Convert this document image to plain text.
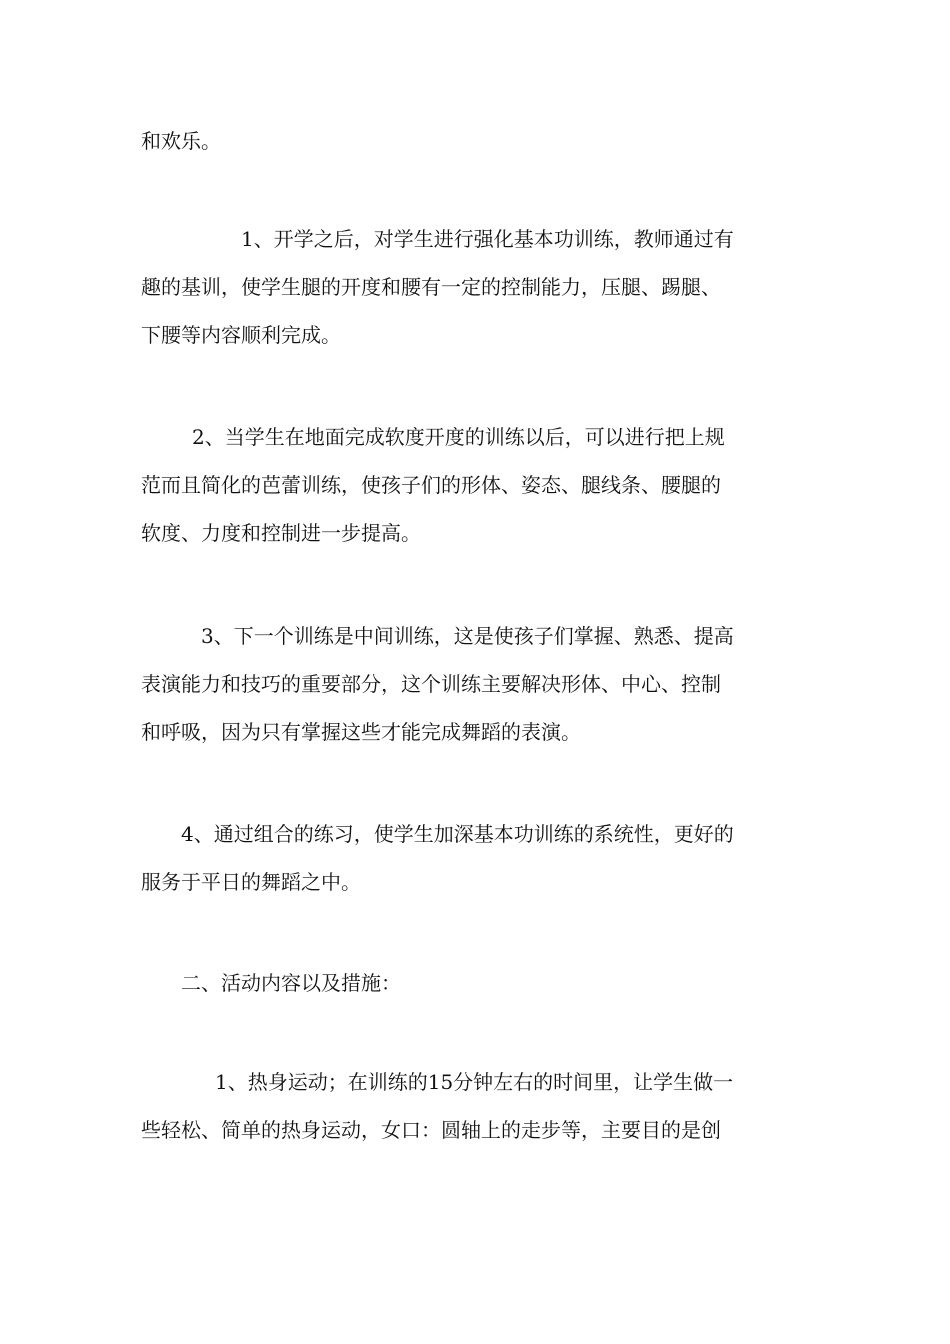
和欢乐。

1、开学之后，对学生进行强化基本功训练，教师通过有
趣的基训，使学生腿的开度和腰有一定的控制能力，压腿、踢腿、
下腰等内容顺利完成。

2、当学生在地面完成软度开度的训练以后，可以进行把上规
范而且简化的芭蕾训练，使孩子们的形体、姿态、腿线条、腰腿的
软度、力度和控制进一步提高。

3、下一个训练是中间训练，这是使孩子们掌握、熟悉、提高
表演能力和技巧的重要部分，这个训练主要解决形体、中心、控制
和呼吸，因为只有掌握这些才能完成舞蹈的表演。

4、通过组合的练习，使学生加深基本功训练的系统性，更好的
服务于平日的舞蹈之中。

二、活动内容以及措施：

1、热身运动；在训练的15分钟左右的时间里，让学生做一
些轻松、简单的热身运动，女口：圆轴上的走步等，主要目的是创
